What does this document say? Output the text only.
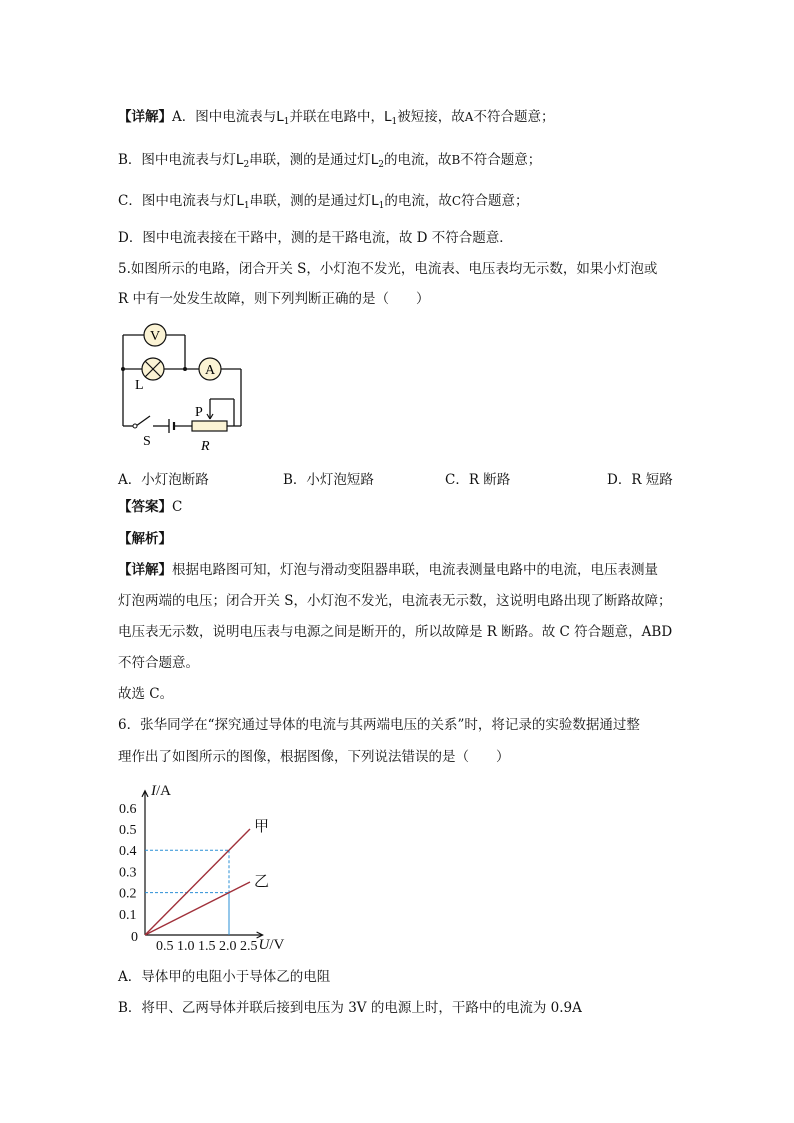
【详解】A．图中电流表与$L_1$并联在电路中，$L_1$被短接，故A不符合题意；
B．图中电流表与灯$L_2$串联，测的是通过灯$L_2$的电流，故B不符合题意；
C．图中电流表与灯$L_1$串联，测的是通过灯$L_1$的电流，故C符合题意；
D．图中电流表接在干路中，测的是干路电流，故 D 不符合题意．
5.如图所示的电路，闭合开关 S，小灯泡不发光，电流表、电压表均无示数，如果小灯泡或
R 中有一处发生故障，则下列判断正确的是（　　）
V
L
A
S
P
R
A．小灯泡断路	B．小灯泡短路	C．R 断路	D．R 短路
【答案】C
【解析】
【详解】根据电路图可知，灯泡与滑动变阻器串联，电流表测量电路中的电流，电压表测量
灯泡两端的电压；闭合开关 S，小灯泡不发光，电流表无示数，这说明电路出现了断路故障；
电压表无示数，说明电压表与电源之间是断开的，所以故障是 R 断路。故 C 符合题意，ABD
不符合题意。
故选 C。
6．张华同学在“探究通过导体的电流与其两端电压的关系”时，将记录的实验数据通过整
理作出了如图所示的图像，根据图像，下列说法错误的是（　　）
I/A
U/V
0.1
0.2
0.3
0.4
0.5
0.6
0.5 1.0 1.5 2.0 2.5
0
甲
乙
A．导体甲的电阻小于导体乙的电阻
B．将甲、乙两导体并联后接到电压为 3V 的电源上时，干路中的电流为 0.9A
